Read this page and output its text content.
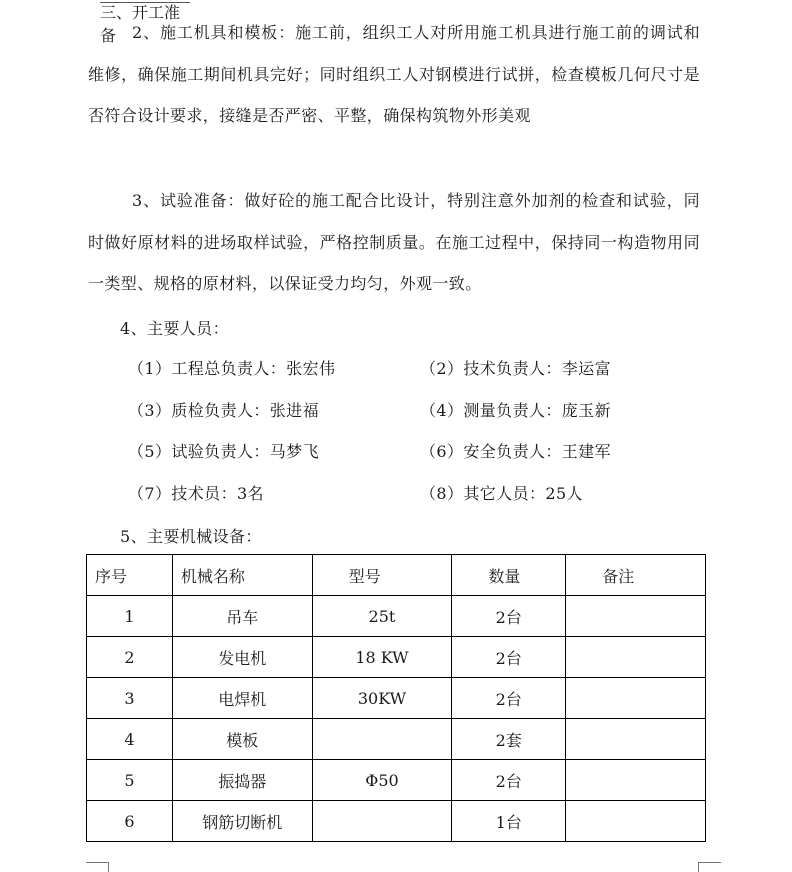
三、开工准备 2、施工机具和模板：施工前，组织工人对所用施工机具进行施工前的调试和维修，确保施工期间机具完好；同时组织工人对钢模进行试拼，检查模板几何尺寸是否符合设计要求，接缝是否严密、平整，确保构筑物外形美观

3、试验准备：做好砼的施工配合比设计，特别注意外加剂的检查和试验，同时做好原材料的进场取样试验，严格控制质量。在施工过程中，保持同一构造物用同一类型、规格的原材料，以保证受力均匀，外观一致。

4、主要人员：

（1）工程总负责人：张宏伟	（2）技术负责人：李运富
（3）质检负责人：张进福	（4）测量负责人：庞玉新
（5）试验负责人：马梦飞	（6）安全负责人：王建军
（7）技术员：3名	（8）其它人员：25人

5、主要机械设备：

序号	机械名称	型号	数量	备注
1	吊车	25t	2台	
2	发电机	18 KW	2台	
3	电焊机	30KW	2台	
4	模板		2套	
5	振捣器	Φ50	2台	
6	钢筋切断机		1台	
